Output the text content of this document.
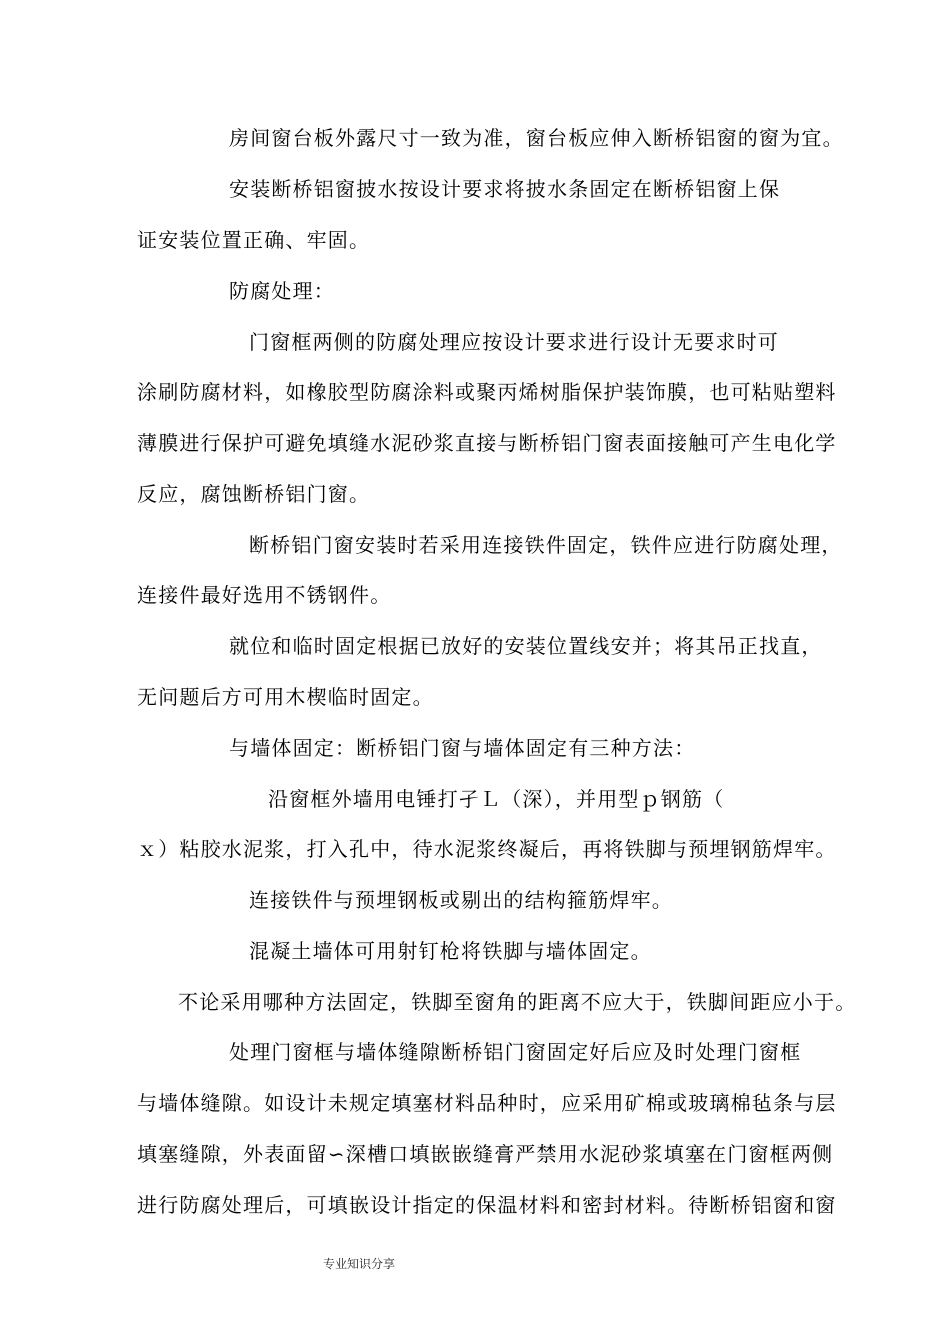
房间窗台板外露尺寸一致为准，窗台板应伸入断桥铝窗的窗为宜。
安装断桥铝窗披水按设计要求将披水条固定在断桥铝窗上保
证安装位置正确、牢固。
防腐处理：
门窗框两侧的防腐处理应按设计要求进行设计无要求时可
涂刷防腐材料，如橡胶型防腐涂料或聚丙烯树脂保护装饰膜，也可粘贴塑料
薄膜进行保护可避免填缝水泥砂浆直接与断桥铝门窗表面接触可产生电化学
反应，腐蚀断桥铝门窗。
断桥铝门窗安装时若采用连接铁件固定，铁件应进行防腐处理，
连接件最好选用不锈钢件。
就位和临时固定根据已放好的安装位置线安并；将其吊正找直，
无问题后方可用木楔临时固定。
与墙体固定：断桥铝门窗与墙体固定有三种方法：
沿窗框外墙用电锤打孑Ｌ（深），并用型ｐ钢筋（
ｘ）粘胶水泥浆，打入孔中，待水泥浆终凝后，再将铁脚与预埋钢筋焊牢。
连接铁件与预埋钢板或剔出的结构箍筋焊牢。
混凝土墙体可用射钉枪将铁脚与墙体固定。
不论采用哪种方法固定，铁脚至窗角的距离不应大于，铁脚间距应小于。
处理门窗框与墙体缝隙断桥铝门窗固定好后应及时处理门窗框
与墙体缝隙。如设计未规定填塞材料品种时，应采用矿棉或玻璃棉毡条与层
填塞缝隙，外表面留∽深槽口填嵌嵌缝膏严禁用水泥砂浆填塞在门窗框两侧
进行防腐处理后，可填嵌设计指定的保温材料和密封材料。待断桥铝窗和窗
专业知识分享
